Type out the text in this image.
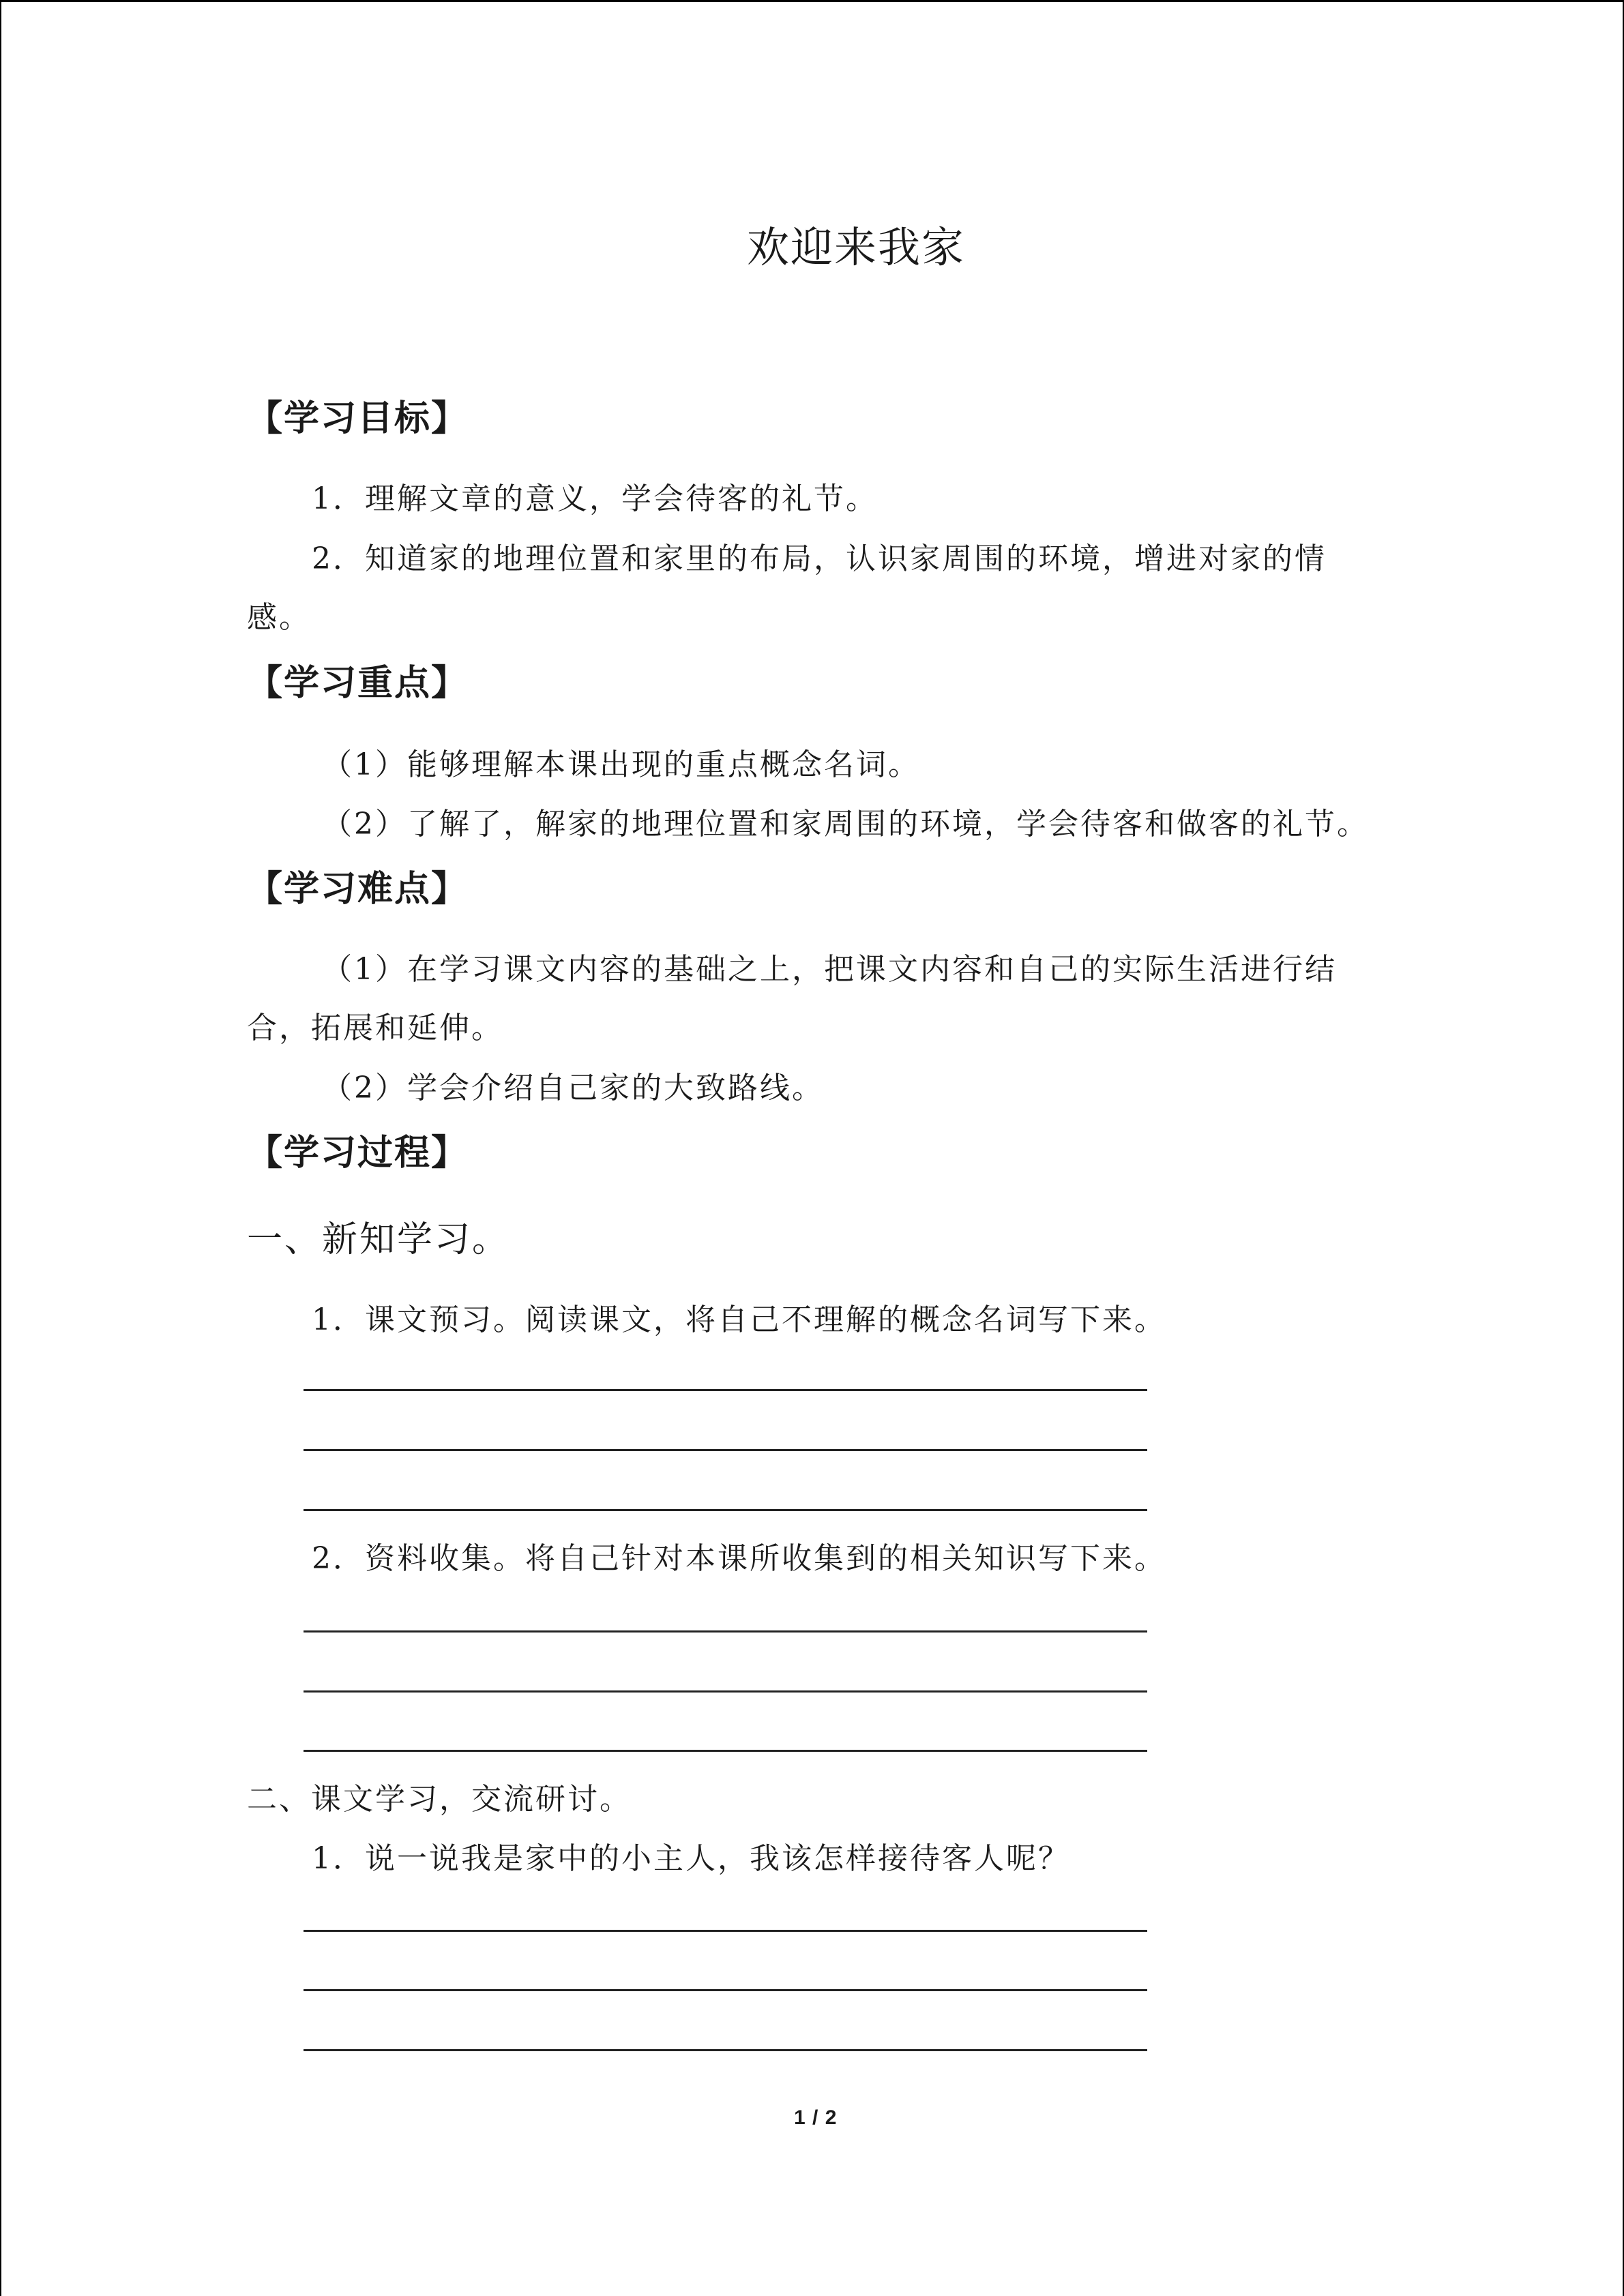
欢迎来我家
【学习目标】
1．理解文章的意义，学会待客的礼节。
2．知道家的地理位置和家里的布局，认识家周围的环境，增进对家的情
感。
【学习重点】
（1）能够理解本课出现的重点概念名词。
（2）了解了，解家的地理位置和家周围的环境，学会待客和做客的礼节。
【学习难点】
（1）在学习课文内容的基础之上，把课文内容和自己的实际生活进行结
合，拓展和延伸。
（2）学会介绍自己家的大致路线。
【学习过程】
一、新知学习。
1．课文预习。阅读课文，将自己不理解的概念名词写下来。
2．资料收集。将自己针对本课所收集到的相关知识写下来。
二、课文学习，交流研讨。
1．说一说我是家中的小主人，我该怎样接待客人呢？
1 / 2
